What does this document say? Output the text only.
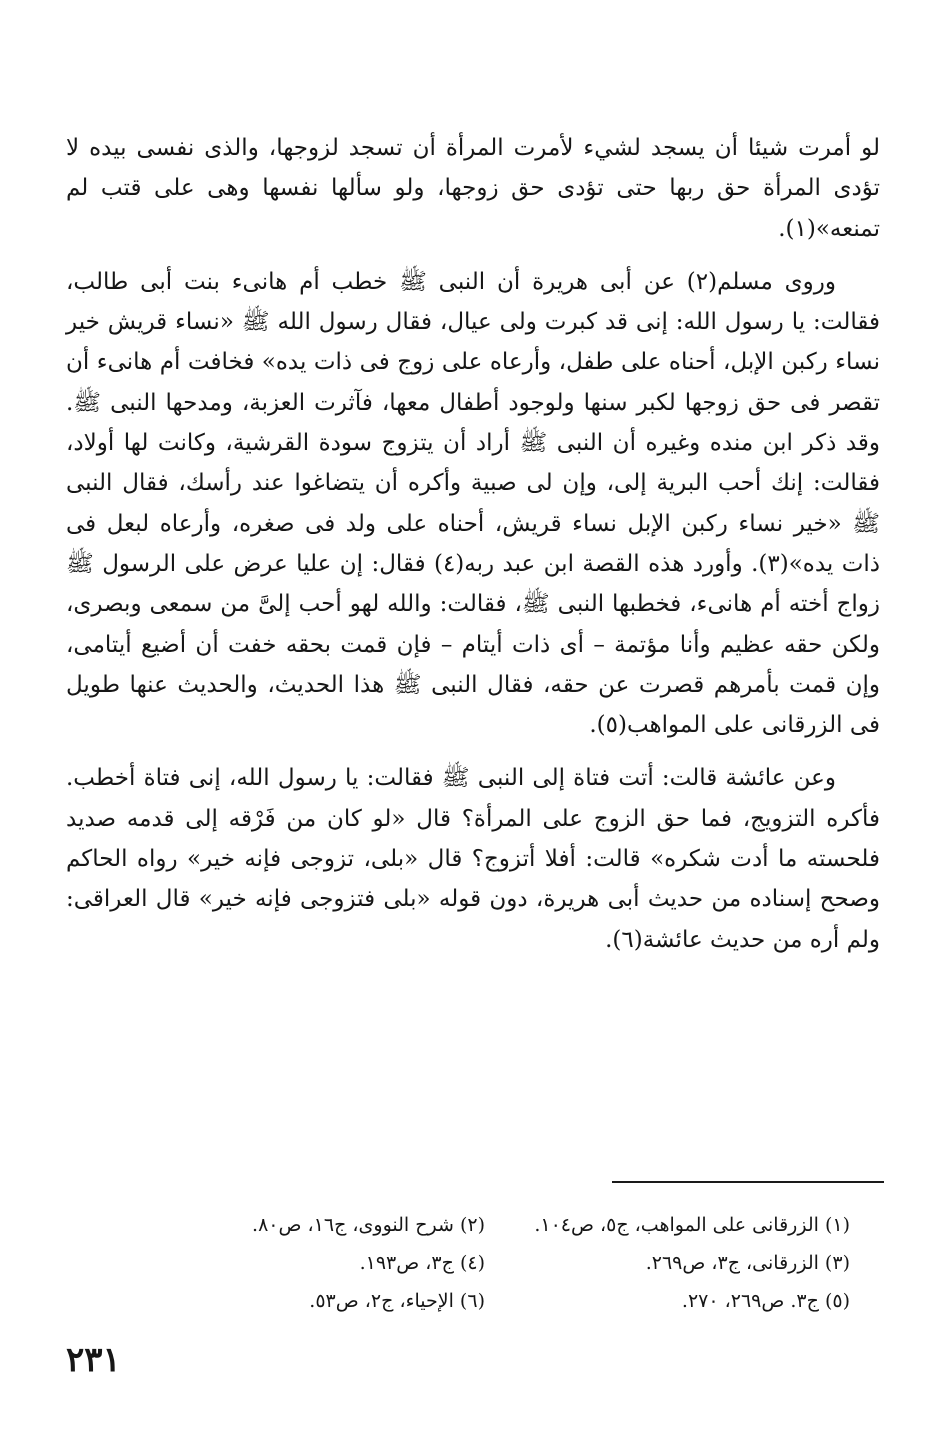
لو أمرت شيئا أن يسجد لشيء لأمرت المرأة أن تسجد لزوجها، والذى نفسى بيده لا تؤدى المرأة حق ربها حتى تؤدى حق زوجها، ولو سألها نفسها وهى على قتب لم تمنعه»(١).

وروى مسلم(٢) عن أبى هريرة أن النبى ﷺ خطب أم هانىء بنت أبى طالب، فقالت: يا رسول الله: إنى قد كبرت ولى عيال، فقال رسول الله ﷺ «نساء قريش خير نساء ركبن الإبل، أحناه على طفل، وأرعاه على زوج فى ذات يده» فخافت أم هانىء أن تقصر فى حق زوجها لكبر سنها ولوجود أطفال معها، فآثرت العزبة، ومدحها النبى ﷺ. وقد ذكر ابن منده وغيره أن النبى ﷺ أراد أن يتزوج سودة القرشية، وكانت لها أولاد، فقالت: إنك أحب البرية إلى، وإن لى صبية وأكره أن يتضاغوا عند رأسك، فقال النبى ﷺ «خير نساء ركبن الإبل نساء قريش، أحناه على ولد فى صغره، وأرعاه لبعل فى ذات يده»(٣). وأورد هذه القصة ابن عبد ربه(٤) فقال: إن عليا عرض على الرسول ﷺ زواج أخته أم هانىء، فخطبها النبى ﷺ، فقالت: والله لهو أحب إلىَّ من سمعى وبصرى، ولكن حقه عظيم وأنا مؤتمة – أى ذات أيتام – فإن قمت بحقه خفت أن أضيع أيتامى، وإن قمت بأمرهم قصرت عن حقه، فقال النبى ﷺ هذا الحديث، والحديث عنها طويل فى الزرقانى على المواهب(٥).

وعن عائشة قالت: أتت فتاة إلى النبى ﷺ فقالت: يا رسول الله، إنى فتاة أخطب. فأكره التزويج، فما حق الزوج على المرأة؟ قال «لو كان من فَرْقه إلى قدمه صديد فلحسته ما أدت شكره» قالت: أفلا أتزوج؟ قال «بلى، تزوجى فإنه خير» رواه الحاكم وصحح إسناده من حديث أبى هريرة، دون قوله «بلى فتزوجى فإنه خير» قال العراقى: ولم أره من حديث عائشة(٦).

(١) الزرقانى على المواهب، ج٥، ص١٠٤.
(٢) شرح النووى، ج١٦، ص٨٠.
(٣) الزرقانى، ج٣، ص٢٦٩.
(٤) ج٣، ص١٩٣.
(٥) ج٣. ص٢٦٩، ٢٧٠.
(٦) الإحياء، ج٢، ص٥٣.
٢٣١
